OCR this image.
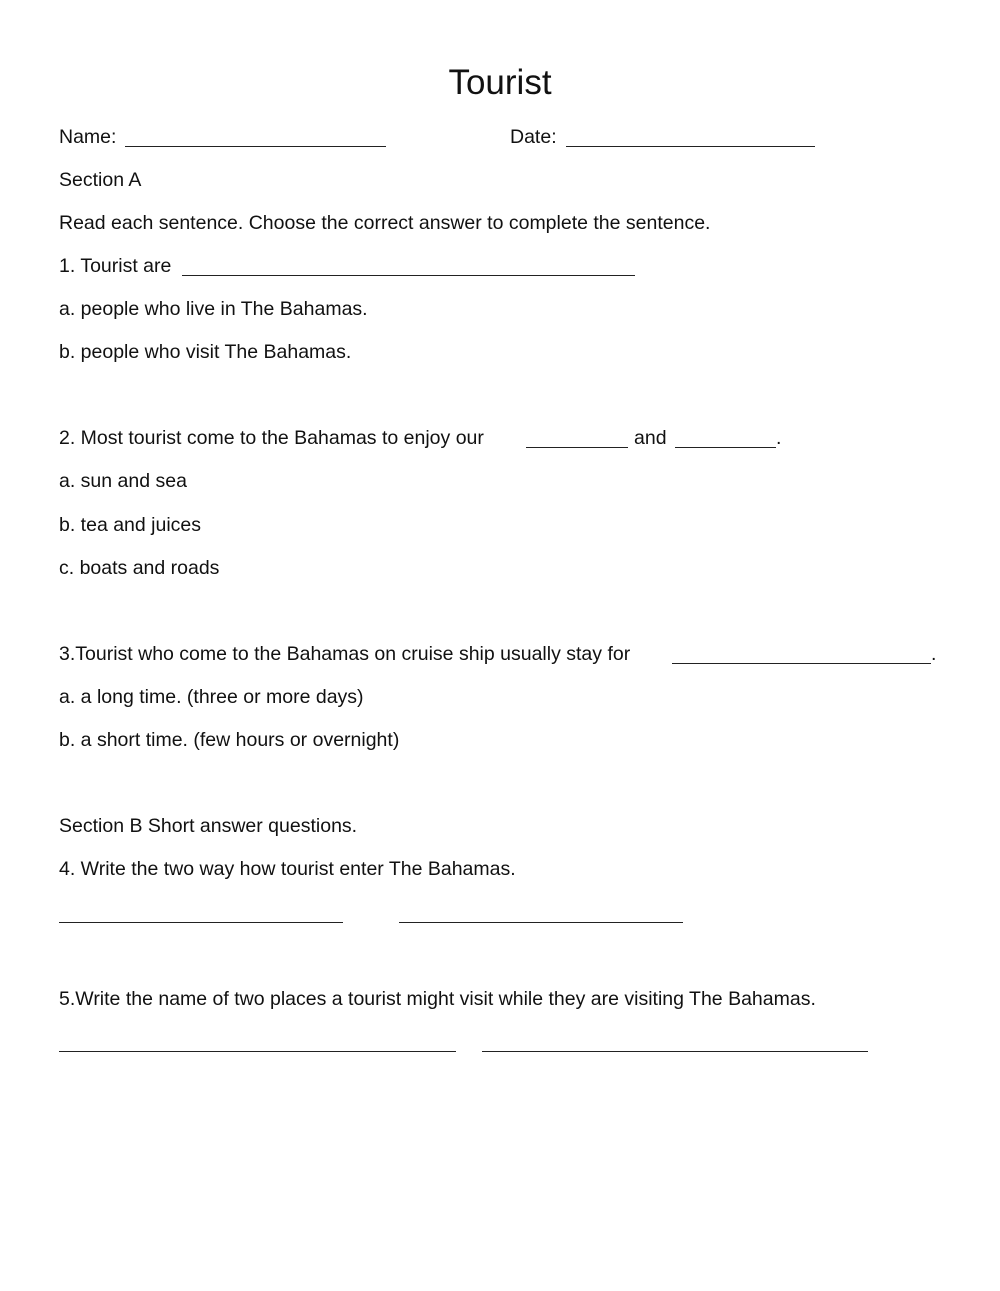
Tourist
Name:	Date:
Section A
Read each sentence. Choose the correct answer to complete the sentence.
1. Tourist are
a. people who live in The Bahamas.
b. people who visit The Bahamas.
2. Most tourist come to the Bahamas to enjoy our	and	.
a. sun and sea
b. tea and juices
c. boats and roads
3.Tourist who come to the Bahamas on cruise ship usually stay for	.
a. a long time. (three or more days)
b. a short time. (few hours or overnight)
Section B Short answer questions.
4. Write the two way how tourist enter The Bahamas.
5.Write the name of two places a tourist might visit while they are visiting The Bahamas.
